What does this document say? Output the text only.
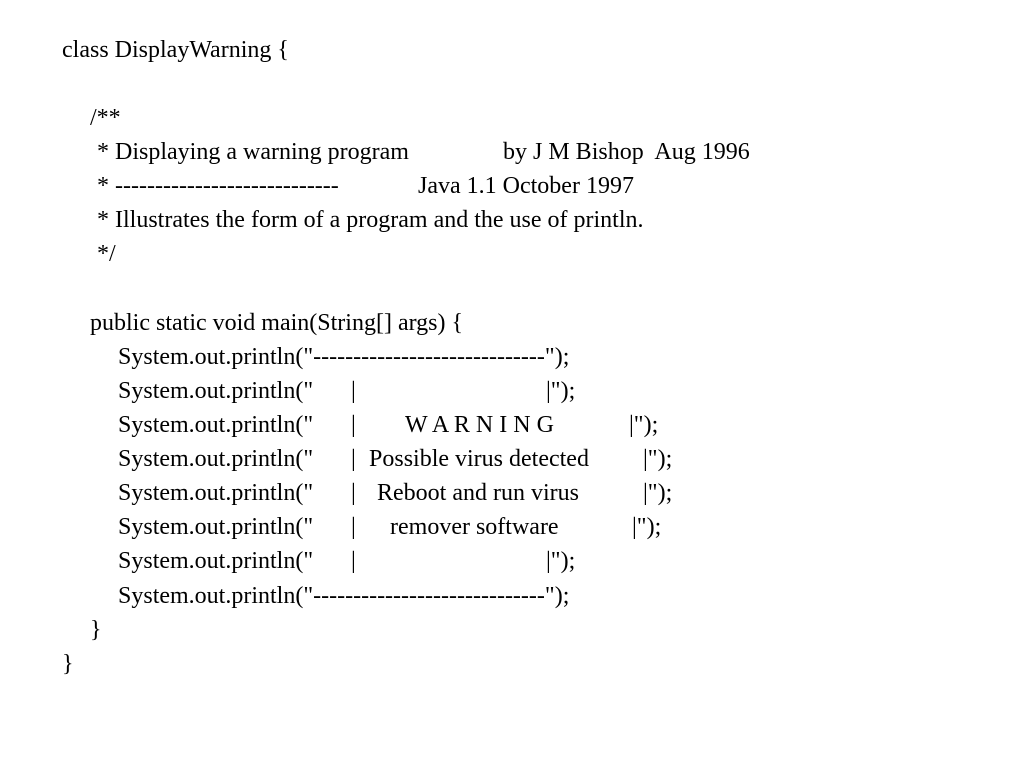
class DisplayWarning {
/**

* Displaying a warning program

	by J M Bishop  Aug 1996

* ----------------------------

	Java 1.1 October 1997

* Illustrates the form of a program and the use of println.
*/
public static void main(String[] args) {
System.out.println("-----------------------------");

System.out.println("

|

	|");

System.out.println("

|

W A R N I N G

	|");

System.out.println("

|

Possible virus detected

|");

System.out.println("

|

Reboot and run virus

	|");

System.out.println("

|

remover software

	|");

System.out.println("

|

	|");

System.out.println("-----------------------------");
}
}
